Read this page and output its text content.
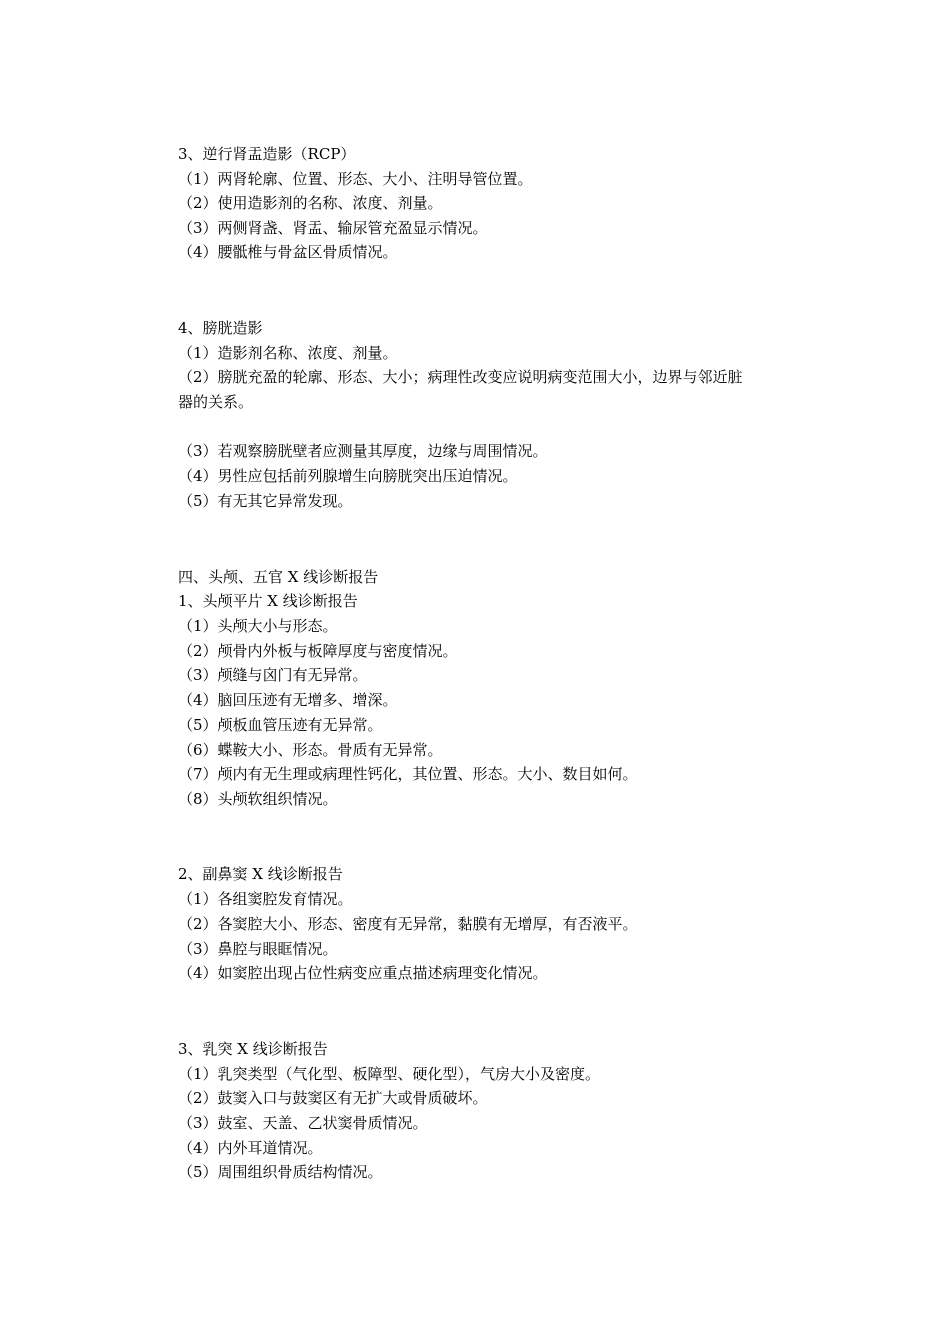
3、逆行肾盂造影（RCP）
（1）两肾轮廓、位置、形态、大小、注明导管位置。
（2）使用造影剂的名称、浓度、剂量。
（3）两侧肾盏、肾盂、输尿管充盈显示情况。
（4）腰骶椎与骨盆区骨质情况。
4、膀胱造影
（1）造影剂名称、浓度、剂量。
（2）膀胱充盈的轮廓、形态、大小；病理性改变应说明病变范围大小，边界与邻近脏
器的关系。
（3）若观察膀胱壁者应测量其厚度，边缘与周围情况。
（4）男性应包括前列腺增生向膀胱突出压迫情况。
（5）有无其它异常发现。
四、头颅、五官 X 线诊断报告
1、头颅平片 X 线诊断报告
（1）头颅大小与形态。
（2）颅骨内外板与板障厚度与密度情况。
（3）颅缝与囟门有无异常。
（4）脑回压迹有无增多、增深。
（5）颅板血管压迹有无异常。
（6）蝶鞍大小、形态。骨质有无异常。
（7）颅内有无生理或病理性钙化，其位置、形态。大小、数目如何。
（8）头颅软组织情况。
2、副鼻窦 X 线诊断报告
（1）各组窦腔发育情况。
（2）各窦腔大小、形态、密度有无异常，黏膜有无增厚，有否液平。
（3）鼻腔与眼眶情况。
（4）如窦腔出现占位性病变应重点描述病理变化情况。
3、乳突 X 线诊断报告
（1）乳突类型（气化型、板障型、硬化型），气房大小及密度。
（2）鼓窦入口与鼓窦区有无扩大或骨质破坏。
（3）鼓室、天盖、乙状窦骨质情况。
（4）内外耳道情况。
（5）周围组织骨质结构情况。
